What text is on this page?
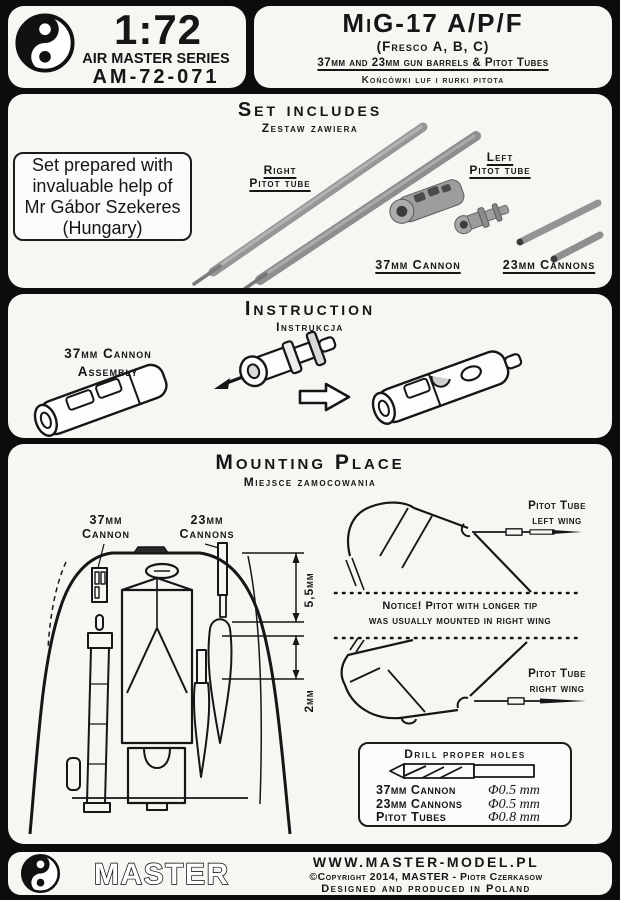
1:72
AIR MASTER SERIES
AM-72-071
MiG-17 A/P/F
(Fresco A, B, C)
37mm and 23mm gun barrels & Pitot Tubes
Końcówki luf i rurki pitota
Set includes
Zestaw zawiera
Set prepared with
invaluable help of
Mr Gábor Szekeres
(Hungary)
Right
Pitot tube
Left
Pitot tube
37mm Cannon	23mm Cannons
Instruction
Instrukcja
37mm Cannon
Assembly
Mounting Place
Miejsce zamocowania
37mm
Cannon
23mm
Cannons
5,5mm
2mm
Notice! Pitot with longer tip
was usually mounted in right wing
Pitot Tube
left wing
Pitot Tube
right wing
Drill proper holes
37mm Cannon	Φ0.5 mm
23mm Cannons	Φ0.5 mm
Pitot Tubes	Φ0.8 mm
MASTER	WWW.MASTER-MODEL.PL
©Copyright 2014, MASTER - Piotr Czerkasow
Designed and produced in Poland
